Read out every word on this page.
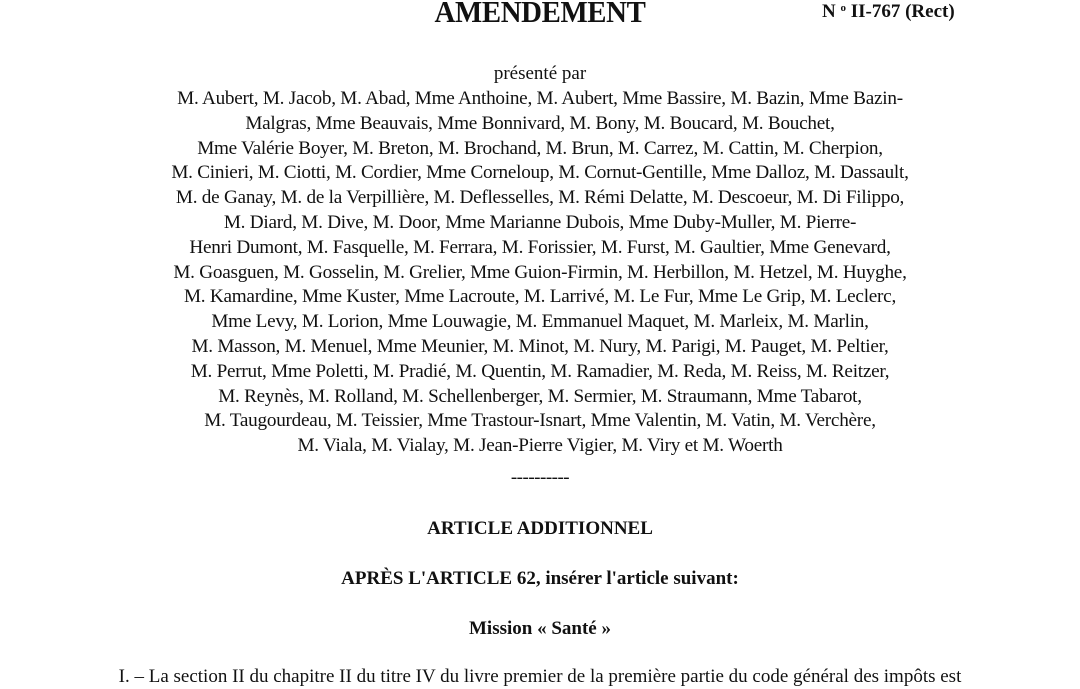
AMENDEMENT	N $^o$ II-767 (Rect)
présenté par
M. Aubert, M. Jacob, M. Abad, Mme Anthoine, M. Aubert, Mme Bassire, M. Bazin, Mme Bazin-
Malgras, Mme Beauvais, Mme Bonnivard, M. Bony, M. Boucard, M. Bouchet,
Mme Valérie Boyer, M. Breton, M. Brochand, M. Brun, M. Carrez, M. Cattin, M. Cherpion,
M. Cinieri, M. Ciotti, M. Cordier, Mme Corneloup, M. Cornut-Gentille, Mme Dalloz, M. Dassault,
M. de Ganay, M. de la Verpillière, M. Deflesselles, M. Rémi Delatte, M. Descoeur, M. Di Filippo,
M. Diard, M. Dive, M. Door, Mme Marianne Dubois, Mme Duby-Muller, M. Pierre-
Henri Dumont, M. Fasquelle, M. Ferrara, M. Forissier, M. Furst, M. Gaultier, Mme Genevard,
M. Goasguen, M. Gosselin, M. Grelier, Mme Guion-Firmin, M. Herbillon, M. Hetzel, M. Huyghe,
M. Kamardine, Mme Kuster, Mme Lacroute, M. Larrivé, M. Le Fur, Mme Le Grip, M. Leclerc,
Mme Levy, M. Lorion, Mme Louwagie, M. Emmanuel Maquet, M. Marleix, M. Marlin,
M. Masson, M. Menuel, Mme Meunier, M. Minot, M. Nury, M. Parigi, M. Pauget, M. Peltier,
M. Perrut, Mme Poletti, M. Pradié, M. Quentin, M. Ramadier, M. Reda, M. Reiss, M. Reitzer,
M. Reynès, M. Rolland, M. Schellenberger, M. Sermier, M. Straumann, Mme Tabarot,
M. Taugourdeau, M. Teissier, Mme Trastour-Isnart, Mme Valentin, M. Vatin, M. Verchère,
M. Viala, M. Vialay, M. Jean-Pierre Vigier, M. Viry et M. Woerth
----------
ARTICLE ADDITIONNEL
APRÈS L'ARTICLE 62, insérer l'article suivant:
Mission « Santé »
I. – La section II du chapitre II du titre IV du livre premier de la première partie du code général des impôts est
